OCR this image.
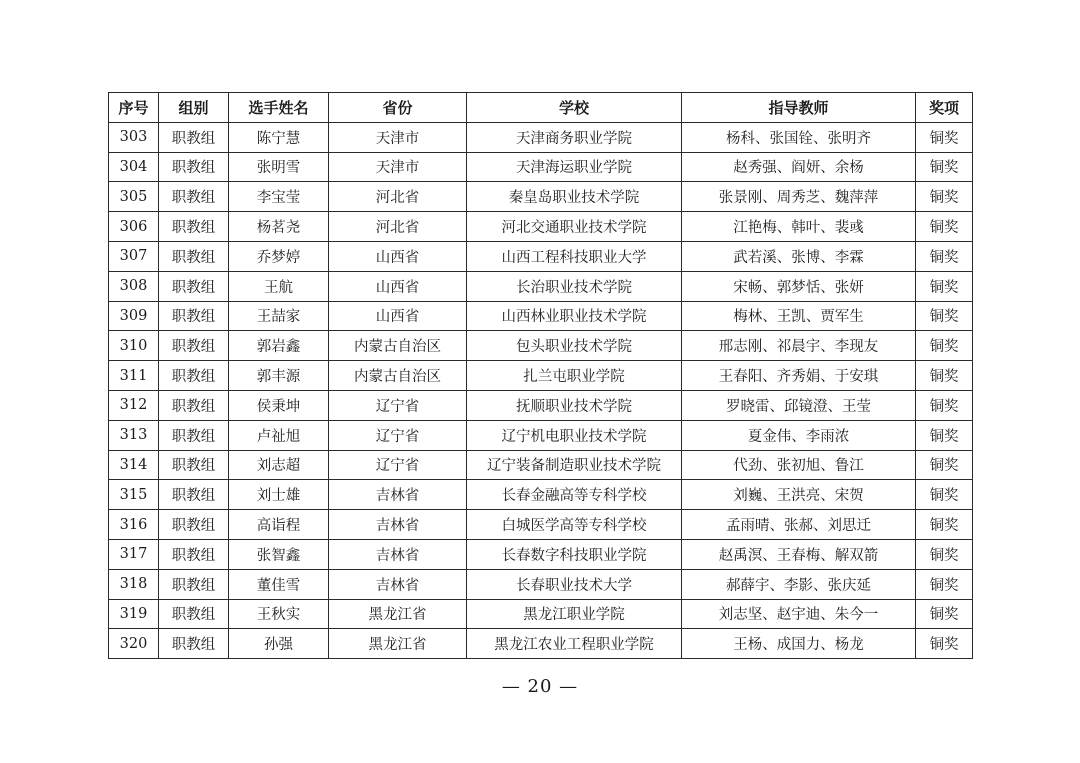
序号	组别	选手姓名	省份	学校	指导教师	奖项
303	职教组	陈宁慧	天津市	天津商务职业学院	杨科、张国铨、张明齐	铜奖
304	职教组	张明雪	天津市	天津海运职业学院	赵秀强、阎妍、余杨	铜奖
305	职教组	李宝莹	河北省	秦皇岛职业技术学院	张景刚、周秀芝、魏萍萍	铜奖
306	职教组	杨茗尧	河北省	河北交通职业技术学院	江艳梅、韩叶、裴彧	铜奖
307	职教组	乔梦婷	山西省	山西工程科技职业大学	武若溪、张博、李霖	铜奖
308	职教组	王航	山西省	长治职业技术学院	宋畅、郭梦恬、张妍	铜奖
309	职教组	王喆家	山西省	山西林业职业技术学院	梅林、王凯、贾军生	铜奖
310	职教组	郭岩鑫	内蒙古自治区	包头职业技术学院	邢志刚、祁晨宇、李现友	铜奖
311	职教组	郭丰源	内蒙古自治区	扎兰屯职业学院	王春阳、齐秀娟、于安琪	铜奖
312	职教组	侯秉坤	辽宁省	抚顺职业技术学院	罗晓雷、邱镜澄、王莹	铜奖
313	职教组	卢祉旭	辽宁省	辽宁机电职业技术学院	夏金伟、李雨浓	铜奖
314	职教组	刘志超	辽宁省	辽宁装备制造职业技术学院	代劲、张初旭、鲁江	铜奖
315	职教组	刘士雄	吉林省	长春金融高等专科学校	刘巍、王洪亮、宋贺	铜奖
316	职教组	高诣程	吉林省	白城医学高等专科学校	孟雨晴、张郝、刘思迁	铜奖
317	职教组	张智鑫	吉林省	长春数字科技职业学院	赵禹溟、王春梅、解双箭	铜奖
318	职教组	董佳雪	吉林省	长春职业技术大学	郝薛宇、李影、张庆延	铜奖
319	职教组	王秋实	黑龙江省	黑龙江职业学院	刘志坚、赵宇迪、朱今一	铜奖
320	职教组	孙强	黑龙江省	黑龙江农业工程职业学院	王杨、成国力、杨龙	铜奖
— 20 —
